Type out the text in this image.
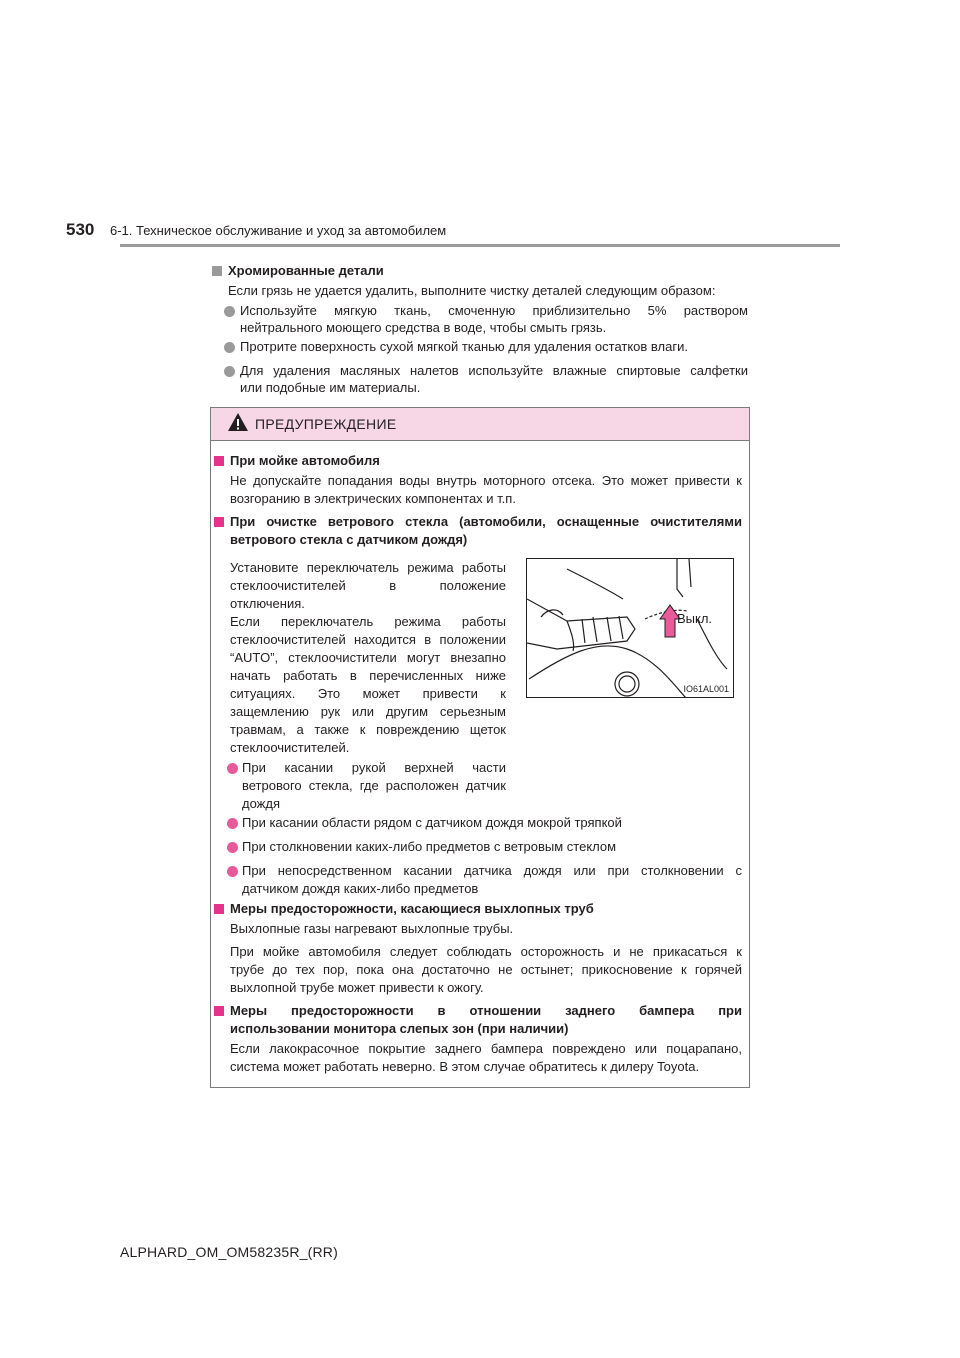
530 6-1. Техническое обслуживание и уход за автомобилем
Хромированные детали
Если грязь не удается удалить, выполните чистку деталей следующим образом:
Используйте мягкую ткань, смоченную приблизительно 5% раствором
нейтрального моющего средства в воде, чтобы смыть грязь.
Протрите поверхность сухой мягкой тканью для удаления остатков влаги.
Для удаления масляных налетов используйте влажные спиртовые салфетки
или подобные им материалы.
ПРЕДУПРЕЖДЕНИЕ
При мойке автомобиля
Не допускайте попадания воды внутрь моторного отсека. Это может привести к
возгоранию в электрических компонентах и т.п.
При очистке ветрового стекла (автомобили, оснащенные очистителями
ветрового стекла с датчиком дождя)
Установите переключатель режима работы
стеклоочистителей в положение
отключения.
Если переключатель режима работы
стеклоочистителей находится в положении
“AUTO”, стеклоочистители могут внезапно
начать работать в перечисленных ниже
ситуациях. Это может привести к
защемлению рук или другим серьезным
травмам, а также к повреждению щеток
стеклоочистителей.
При касании рукой верхней части
ветрового стекла, где расположен датчик
дождя
При касании области рядом с датчиком дождя мокрой тряпкой
При столкновении каких-либо предметов с ветровым стеклом
При непосредственном касании датчика дождя или при столкновении с
датчиком дождя каких-либо предметов
Выкл.
IO61AL001
Меры предосторожности, касающиеся выхлопных труб
Выхлопные газы нагревают выхлопные трубы.
При мойке автомобиля следует соблюдать осторожность и не прикасаться к
трубе до тех пор, пока она достаточно не остынет; прикосновение к горячей
выхлопной трубе может привести к ожогу.
Меры предосторожности в отношении заднего бампера при
использовании монитора слепых зон (при наличии)
Если лакокрасочное покрытие заднего бампера повреждено или поцарапано,
система может работать неверно. В этом случае обратитесь к дилеру Toyota.
ALPHARD_OM_OM58235R_(RR)
